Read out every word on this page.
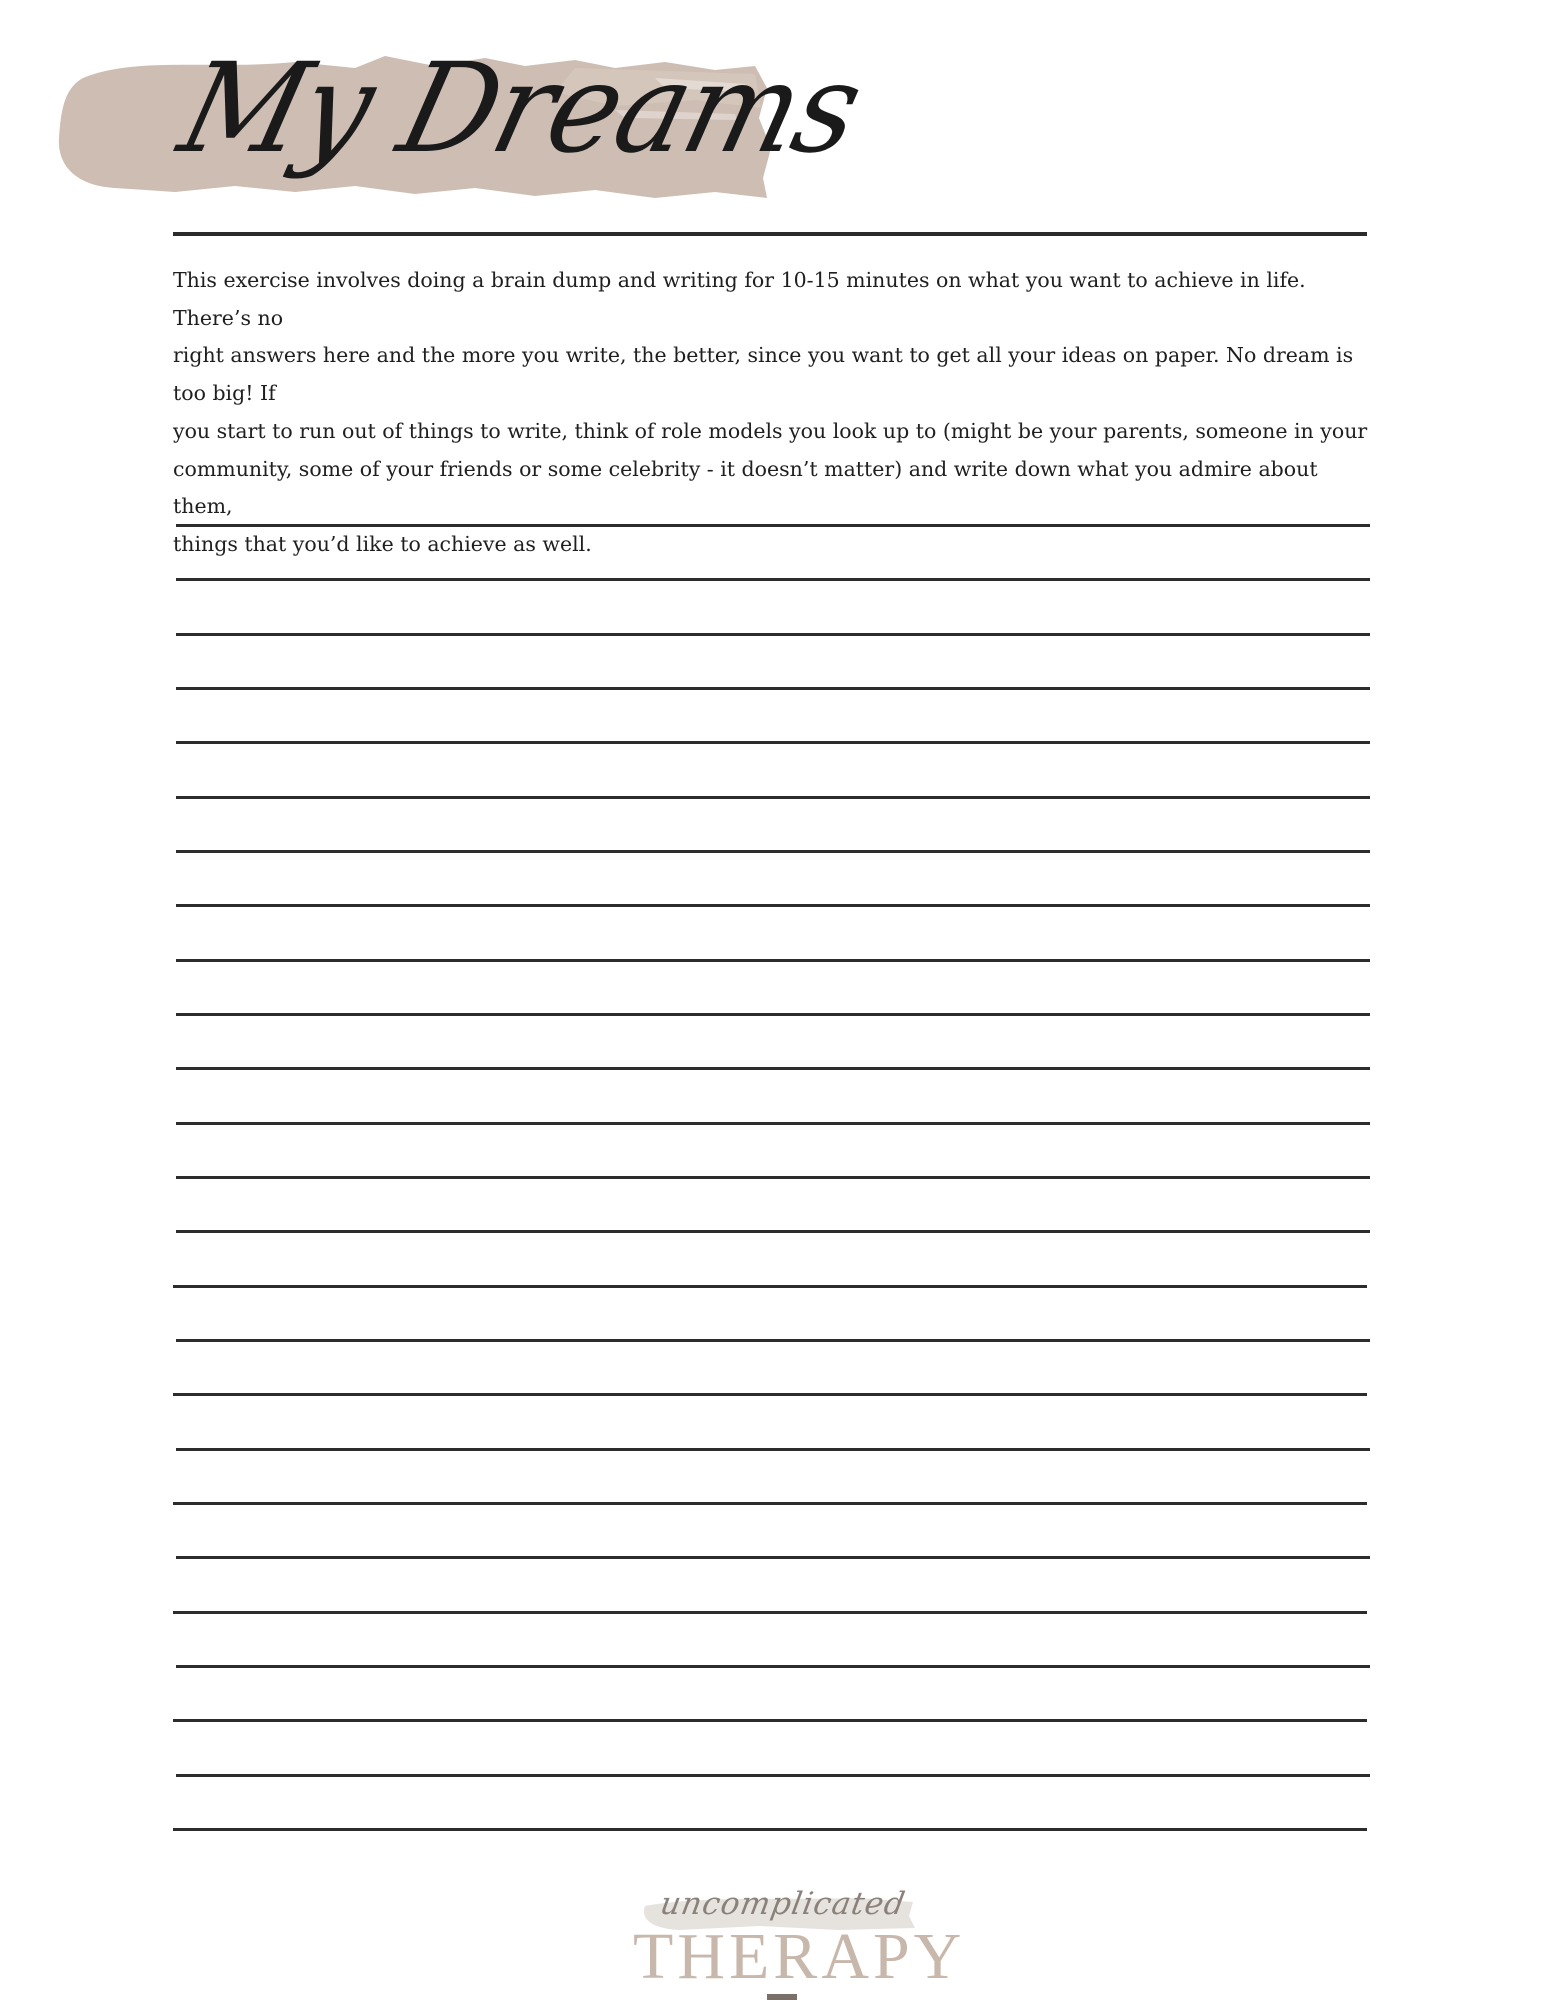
My Dreams

This exercise involves doing a brain dump and writing for 10-15 minutes on what you want to achieve in life. There’s no
right answers here and the more you write, the better, since you want to get all your ideas on paper. No dream is too big! If
you start to run out of things to write, think of role models you look up to (might be your parents, someone in your
community, some of your friends or some celebrity - it doesn’t matter) and write down what you admire about them,
things that you’d like to achieve as well.

uncomplicated
THERAPY
